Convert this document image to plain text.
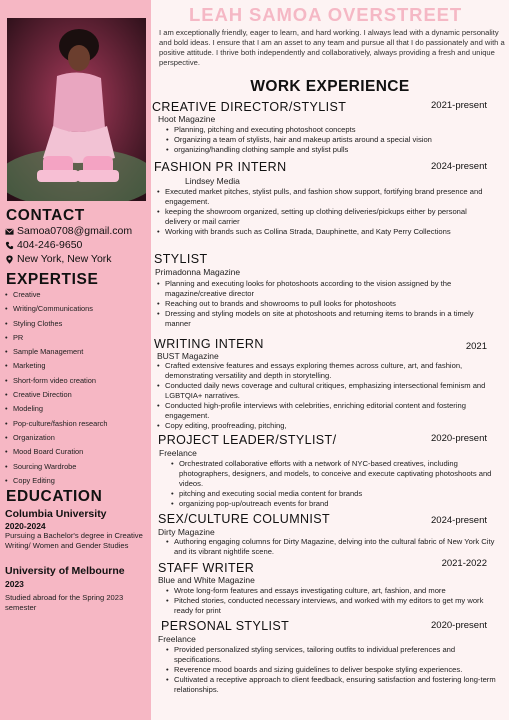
CONTACT
Samoa0708@gmail.com
404-246-9650
New York, New York
EXPERTISE
• Creative
• Writing/Communications
• Styling Clothes
• PR
• Sample Management
• Marketing
• Short-form video creation
• Creative Direction
• Modeling
• Pop-culture/fashion research
• Organization
• Mood Board Curation
• Sourcing Wardrobe
• Copy Editing
EDUCATION
Columbia University
2020-2024
Pursuing a Bachelor's degree in Creative Writing/ Women and Gender Studies
University of Melbourne
2023
Studied abroad for the Spring 2023 semester
LEAH SAMOA OVERSTREET
I am exceptionally friendly, eager to learn, and hard working. I always lead with a dynamic personality and bold ideas. I ensure that I am an asset to any team and pursue all that I do passionately and with a positive attitude. I thrive both independently and collaboratively, always providing a fresh and unique perspective.
WORK EXPERIENCE
CREATIVE DIRECTOR/STYLIST	2021-present
Hoot Magazine
• Planning, pitching and executing photoshoot concepts
• Organizing a team of stylists, hair and makeup artists around a special vision
• organizing/handling clothing sample and stylist pulls
FASHION PR INTERN	2024-present
Lindsey Media
• Executed market pitches, stylist pulls, and fashion show support, fortifying brand presence and engagement.
• keeping the showroom organized, setting up clothing deliveries/pickups either by personal delivery or mail carrier
• Working with brands such as Collina Strada, Dauphinette, and Katy Perry Collections
STYLIST
Primadonna Magazine
• Planning and executing looks for photoshoots according to the vision assigned by the magazine/creative director
• Reaching out to brands and showrooms to pull looks for photoshoots
• Dressing and styling models on site at photoshoots and returning items to brands in a timely manner
WRITING INTERN	2021
BUST Magazine
• Crafted extensive features and essays exploring themes across culture, art, and fashion, demonstrating versatility and depth in storytelling.
• Conducted daily news coverage and cultural critiques, emphasizing intersectional feminism and LGBTQIA+ narratives.
• Conducted high-profile interviews with celebrities, enriching editorial content and fostering engagement.
• Copy editing, proofreading, pitching,
PROJECT LEADER/STYLIST/	2020-present
Freelance
• Orchestrated collaborative efforts with a network of NYC-based creatives, including photographers, designers, and models, to conceive and execute captivating photoshoots and videos.
• pitching and executing social media content for brands
• organizing pop-up/outreach events for brand
SEX/CULTURE COLUMNIST	2024-present
Dirty Magazine
• Authoring engaging columns for Dirty Magazine, delving into the cultural fabric of New York City and its vibrant nightlife scene.
STAFF WRITER	2021-2022
Blue and White Magazine
• Wrote long-form features and essays investigating culture, art, fashion, and more
• Pitched stories, conducted necessary interviews, and worked with my editors to get my work ready for print
PERSONAL STYLIST	2020-present
Freelance
• Provided personalized styling services, tailoring outfits to individual preferences and specifications.
• Reverence mood boards and sizing guidelines to deliver bespoke styling experiences.
• Cultivated a receptive approach to client feedback, ensuring satisfaction and fostering long-term relationships.
